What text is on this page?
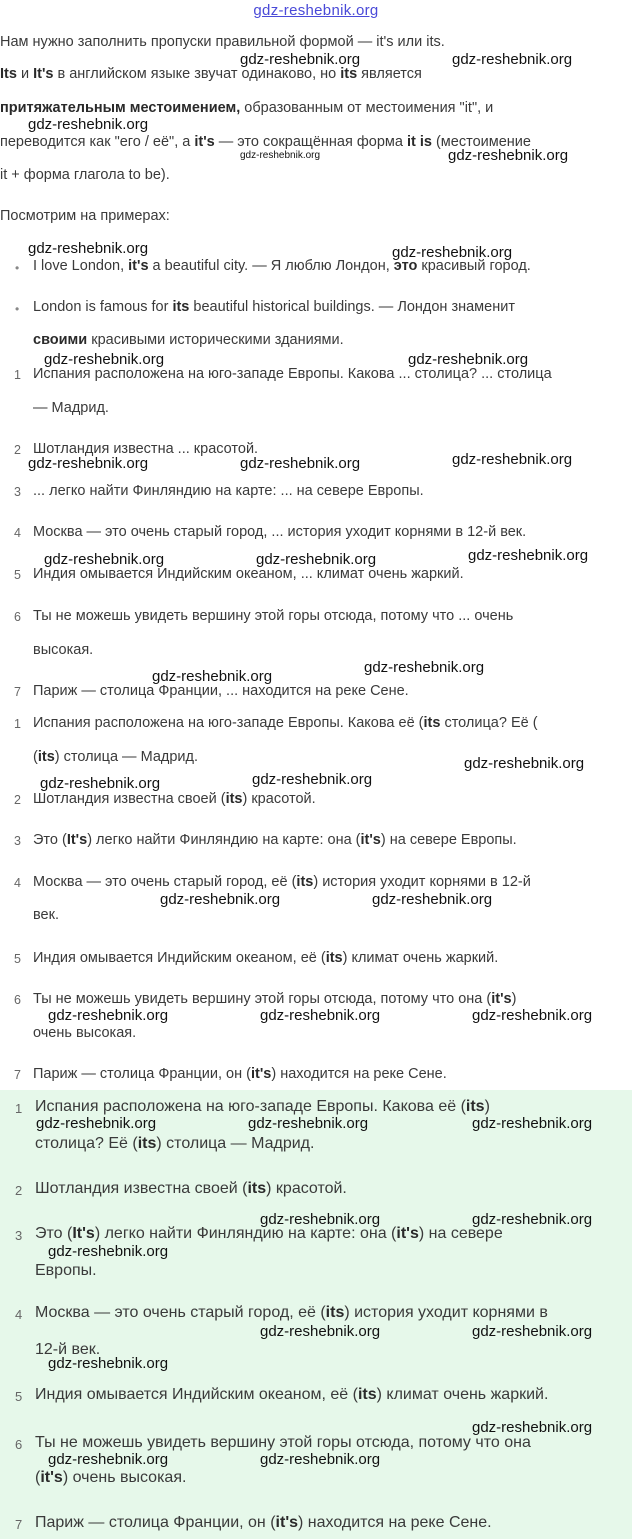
gdz-reshebnik.org
Нам нужно заполнить пропуски правильной формой — it's или its.
Its и It's в английском языке звучат одинаково, но its является
притяжательным местоимением, образованным от местоимения "it", и
переводится как "его / её", а it's — это сокращённая форма it is (местоимение
it + форма глагола to be).
Посмотрим на примерах:
• I love London, it's a beautiful city. — Я люблю Лондон, это красивый город.
• London is famous for its beautiful historical buildings. — Лондон знаменит
своими красивыми историческими зданиями.
1 Испания расположена на юго-западе Европы. Какова ... столица? ... столица
— Мадрид.
2 Шотландия известна ... красотой.
3 ... легко найти Финляндию на карте: ... на севере Европы.
4 Москва — это очень старый город, ... история уходит корнями в 12-й век.
5 Индия омывается Индийским океаном, ... климат очень жаркий.
6 Ты не можешь увидеть вершину этой горы отсюда, потому что ... очень
высокая.
7 Париж — столица Франции, ... находится на реке Сене.
1 Испания расположена на юго-западе Европы. Какова её (its столица? Её (
(its) столица — Мадрид.
2 Шотландия известна своей (its) красотой.
3 Это (It's) легко найти Финляндию на карте: она (it's) на севере Европы.
4 Москва — это очень старый город, её (its) история уходит корнями в 12-й
век.
5 Индия омывается Индийским океаном, её (its) климат очень жаркий.
6 Ты не можешь увидеть вершину этой горы отсюда, потому что она (it's)
очень высокая.
7 Париж — столица Франции, он (it's) находится на реке Сене.
1 Испания расположена на юго-западе Европы. Какова её (its)
столица? Её (its) столица — Мадрид.
2 Шотландия известна своей (its) красотой.
3 Это (It's) легко найти Финляндию на карте: она (it's) на севере
Европы.
4 Москва — это очень старый город, её (its) история уходит корнями в
12-й век.
5 Индия омывается Индийским океаном, её (its) климат очень жаркий.
6 Ты не можешь увидеть вершину этой горы отсюда, потому что она
(it's) очень высокая.
7 Париж — столица Франции, он (it's) находится на реке Сене.
gdz-reshebnik.org	gdz-reshebnik.org
gdz-reshebnik.org
gdz-reshebnik.org
gdz-reshebnik.org
gdz-reshebnik.org	gdz-reshebnik.org
gdz-reshebnik.org	gdz-reshebnik.org
gdz-reshebnik.org	gdz-reshebnik.org	gdz-reshebnik.org
gdz-reshebnik.org	gdz-reshebnik.org	gdz-reshebnik.org
gdz-reshebnik.org
gdz-reshebnik.org
gdz-reshebnik.org	gdz-reshebnik.org
gdz-reshebnik.org
gdz-reshebnik.org	gdz-reshebnik.org
gdz-reshebnik.org	gdz-reshebnik.org	gdz-reshebnik.org
gdz-reshebnik.org	gdz-reshebnik.org	gdz-reshebnik.org
gdz-reshebnik.org	gdz-reshebnik.org
gdz-reshebnik.org
gdz-reshebnik.org	gdz-reshebnik.org
gdz-reshebnik.org
gdz-reshebnik.org
gdz-reshebnik.org	gdz-reshebnik.org
